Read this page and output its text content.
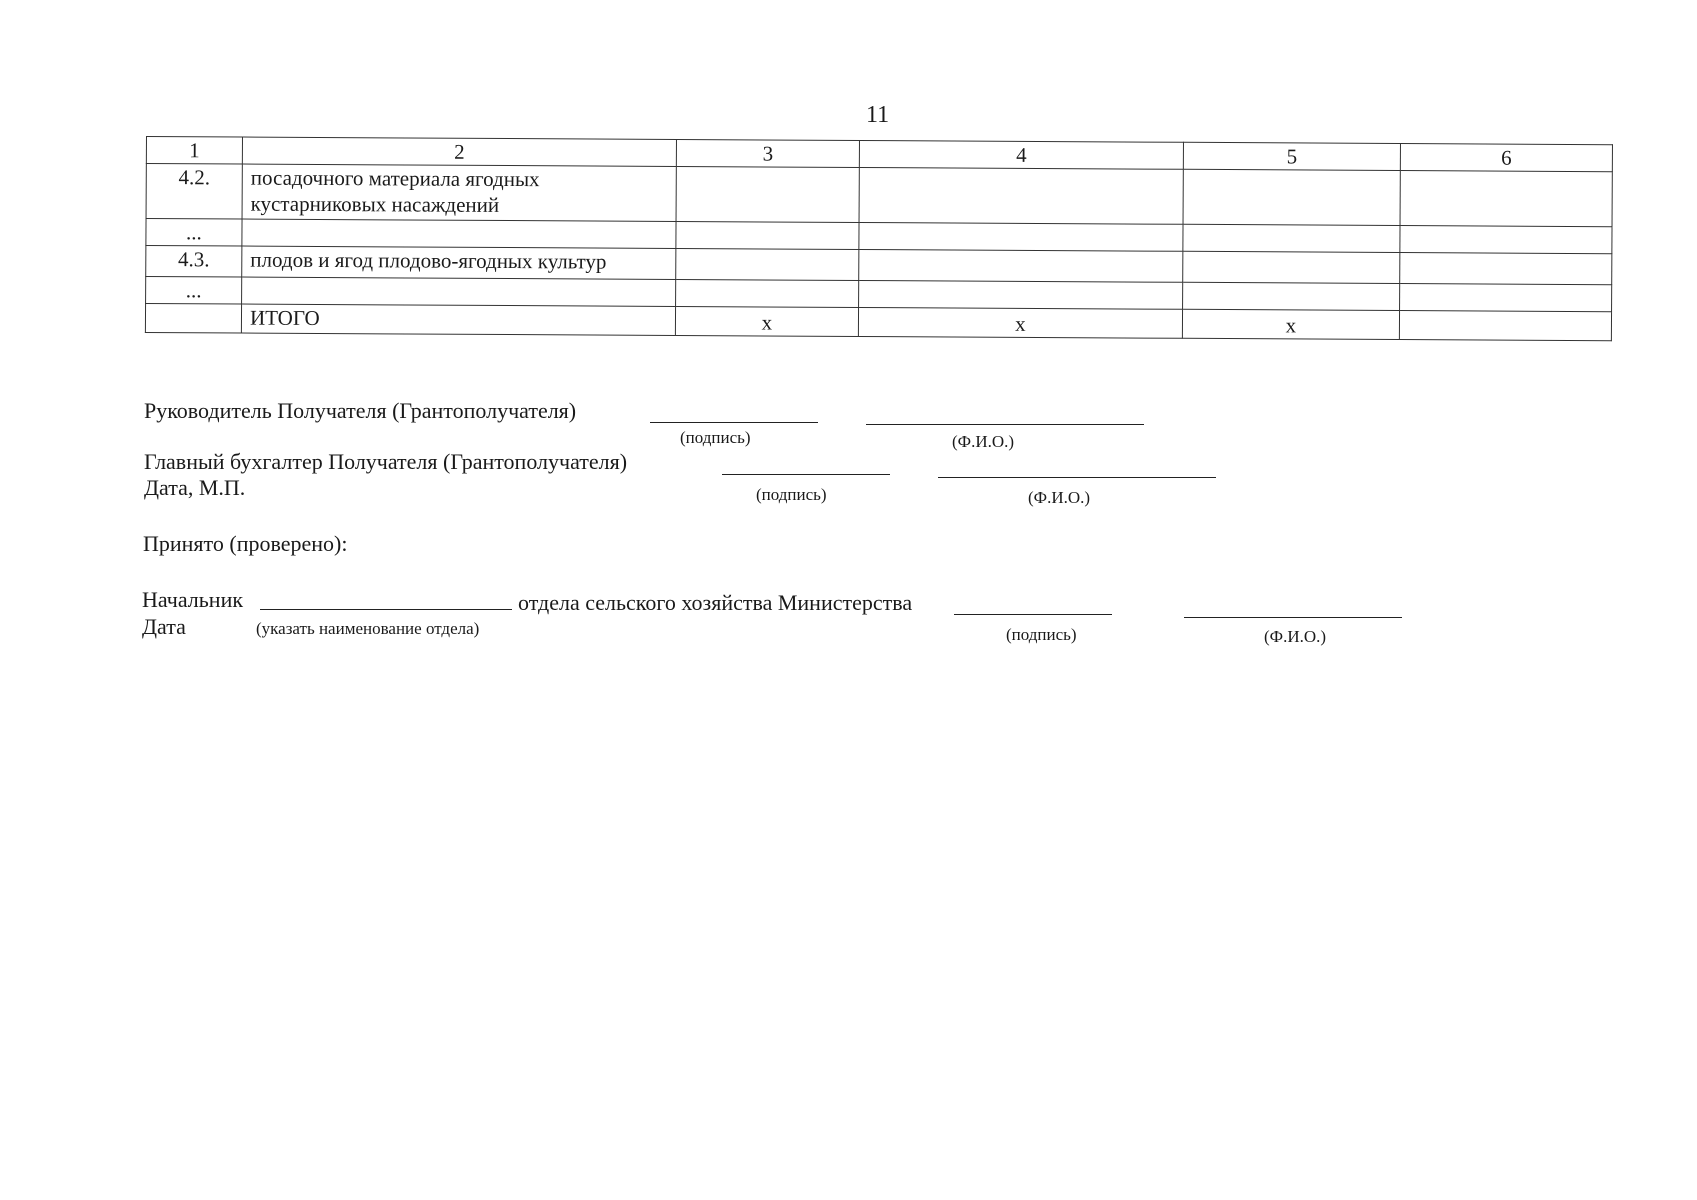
11
1	2	3	4	5	6
4.2.	посадочного материала ягодных кустарниковых насаждений				
...					
4.3.	плодов и ягод плодово-ягодных культур				
...					
	ИТОГО	х	х	х	
Руководитель Получателя (Грантополучателя)
(подпись)	(Ф.И.О.)
Главный бухгалтер Получателя (Грантополучателя)
Дата, М.П.	(подпись)	(Ф.И.О.)
Принято (проверено):
Начальник	отдела сельского хозяйства Министерства
Дата	(указать наименование отдела)	(подпись)	(Ф.И.О.)
